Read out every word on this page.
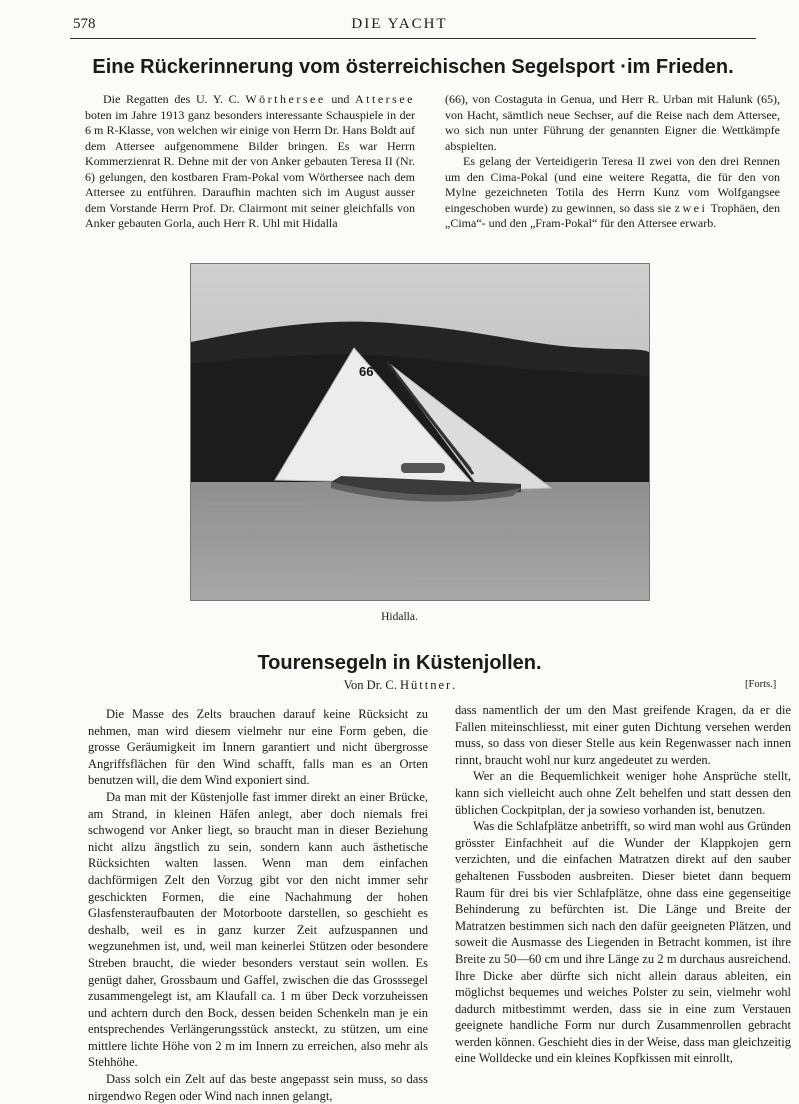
578	DIE YACHT
Eine Rückerinnerung vom österreichischen Segelsport ·im Frieden.

Die Regatten des U. Y. C. Wörthersee und Attersee boten im Jahre 1913 ganz besonders interessante Schauspiele in der 6 m R-Klasse, von welchen wir einige von Herrn Dr. Hans Boldt auf dem Attersee aufgenommene Bilder bringen. Es war Herrn Kommerzienrat R. Dehne mit der von Anker gebauten Teresa II (Nr. 6) gelungen, den kostbaren Fram-Pokal vom Wörthersee nach dem Attersee zu entführen. Daraufhin machten sich im August ausser dem Vorstande Herrn Prof. Dr. Clairmont mit seiner gleichfalls von Anker gebauten Gorla, auch Herr R. Uhl mit Hidalla

(66), von Costaguta in Genua, und Herr R. Urban mit Halunk (65), von Hacht, sämtlich neue Sechser, auf die Reise nach dem Attersee, wo sich nun unter Führung der genannten Eigner die Wettkämpfe abspielten.

Es gelang der Verteidigerin Teresa II zwei von den drei Rennen um den Cima-Pokal (und eine weitere Regatta, die für den von Mylne gezeichneten Totila des Herrn Kunz vom Wolfgangsee eingeschoben wurde) zu gewinnen, so dass sie zwei Trophäen, den „Cima“- und den „Fram-Pokal“ für den Attersee erwarb.

66
Hidalla.
Tourensegeln in Küstenjollen.
Von Dr. C. Hüttner.	[Forts.]

Die Masse des Zelts brauchen darauf keine Rücksicht zu nehmen, man wird diesem vielmehr nur eine Form geben, die grosse Geräumigkeit im Innern garantiert und nicht übergrosse Angriffsflächen für den Wind schafft, falls man es an Orten benutzen will, die dem Wind exponiert sind.

Da man mit der Küstenjolle fast immer direkt an einer Brücke, am Strand, in kleinen Häfen anlegt, aber doch niemals frei schwogend vor Anker liegt, so braucht man in dieser Beziehung nicht allzu ängstlich zu sein, sondern kann auch ästhetische Rücksichten walten lassen. Wenn man dem einfachen dachförmigen Zelt den Vorzug gibt vor den nicht immer sehr geschickten Formen, die eine Nachahmung der hohen Glasfensteraufbauten der Motorboote darstellen, so geschieht es deshalb, weil es in ganz kurzer Zeit aufzuspannen und wegzunehmen ist, und, weil man keinerlei Stützen oder besondere Streben braucht, die wieder besonders verstaut sein wollen. Es genügt daher, Grossbaum und Gaffel, zwischen die das Grosssegel zusammengelegt ist, am Klaufall ca. 1 m über Deck vorzuheissen und achtern durch den Bock, dessen beiden Schenkeln man je ein entsprechendes Verlängerungsstück ansteckt, zu stützen, um eine mittlere lichte Höhe von 2 m im Innern zu erreichen, also mehr als Stehhöhe.

Dass solch ein Zelt auf das beste angepasst sein muss, so dass nirgendwo Regen oder Wind nach innen gelangt,

dass namentlich der um den Mast greifende Kragen, da er die Fallen miteinschliesst, mit einer guten Dichtung versehen werden muss, so dass von dieser Stelle aus kein Regenwasser nach innen rinnt, braucht wohl nur kurz angedeutet zu werden.

Wer an die Bequemlichkeit weniger hohe Ansprüche stellt, kann sich vielleicht auch ohne Zelt behelfen und statt dessen den üblichen Cockpitplan, der ja sowieso vorhanden ist, benutzen.

Was die Schlafplätze anbetrifft, so wird man wohl aus Gründen grösster Einfachheit auf die Wunder der Klappkojen gern verzichten, und die einfachen Matratzen direkt auf den sauber gehaltenen Fussboden ausbreiten. Dieser bietet dann bequem Raum für drei bis vier Schlafplätze, ohne dass eine gegenseitige Behinderung zu befürchten ist. Die Länge und Breite der Matratzen bestimmen sich nach den dafür geeigneten Plätzen, und soweit die Ausmasse des Liegenden in Betracht kommen, ist ihre Breite zu 50—60 cm und ihre Länge zu 2 m durchaus ausreichend. Ihre Dicke aber dürfte sich nicht allein daraus ableiten, ein möglichst bequemes und weiches Polster zu sein, vielmehr wohl dadurch mitbestimmt werden, dass sie in eine zum Verstauen geeignete handliche Form nur durch Zusammenrollen gebracht werden können. Geschieht dies in der Weise, dass man gleichzeitig eine Wolldecke und ein kleines Kopfkissen mit einrollt,
